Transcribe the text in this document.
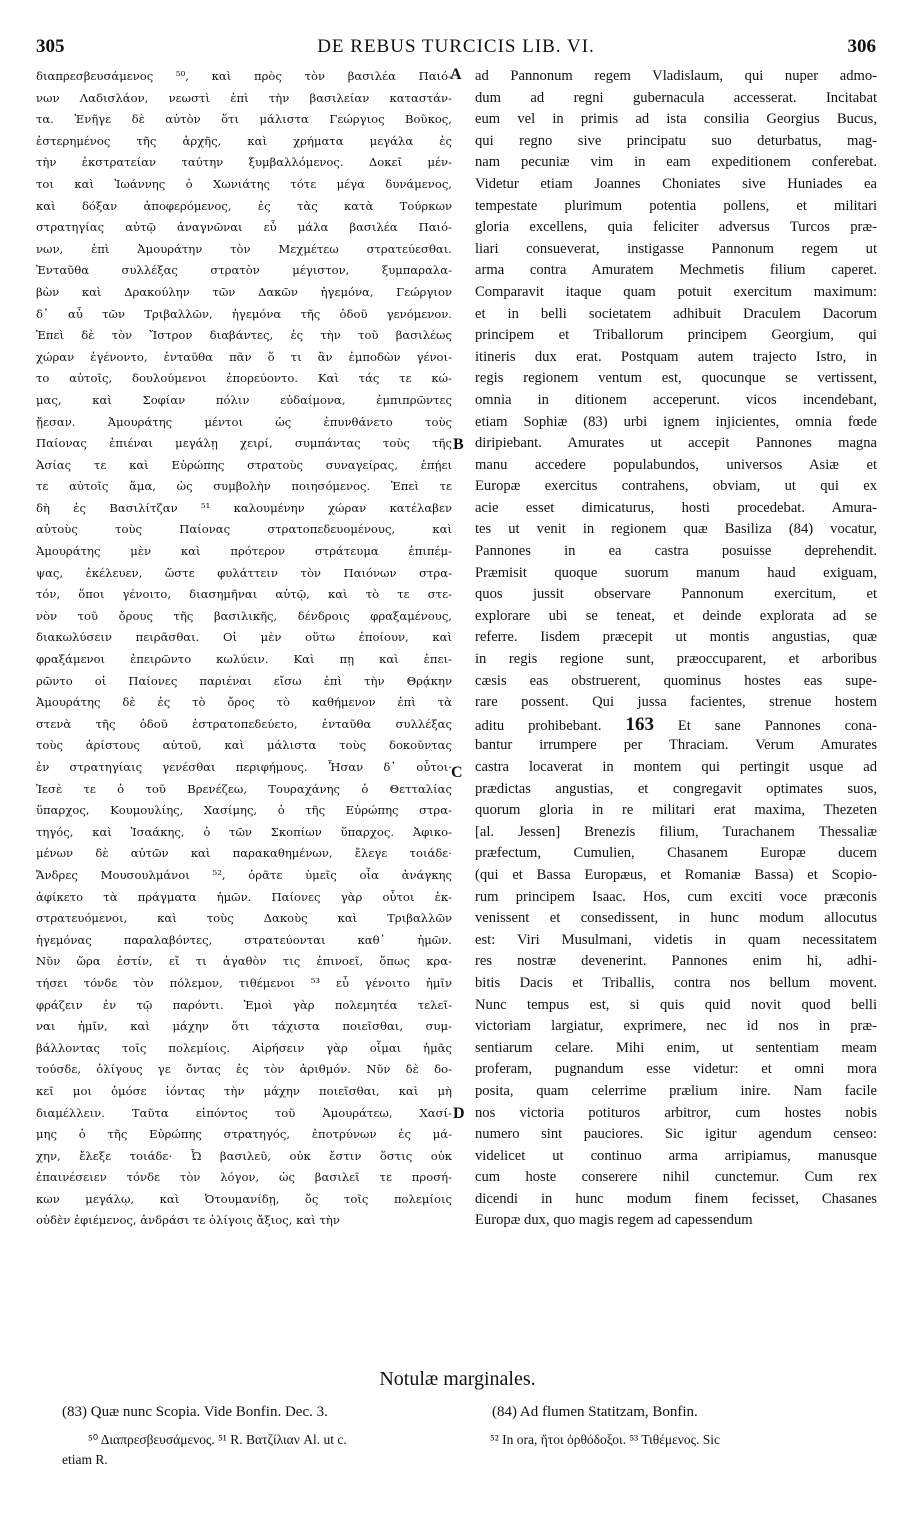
305	DE REBUS TURCICIS LIB. VI.	306
διαπρεσβευσάμενος ⁵⁰, καὶ πρὸς τὸν βασιλέα Παιό-
νων Λαδισλάον, νεωστὶ ἐπὶ τὴν βασιλείαν καταστάν-
τα. Ἐνῆγε δὲ αὐτὸν ὅτι μάλιστα Γεώργιος Βοῦκος,
ἐστερημένος τῆς ἀρχῆς, καὶ χρήματα μεγάλα ἐς
τὴν ἐκστρατείαν ταύτην ξυμβαλλόμενος. Δοκεῖ μέν-
τοι καὶ Ἰωάννης ὁ Χωνιάτης τότε μέγα δυνάμενος,
καὶ δόξαν ἀποφερόμενος, ἐς τὰς κατὰ Τούρκων
στρατηγίας αὐτῷ ἀναγνῶναι εὖ μάλα βασιλέα Παιό-
νων, ἐπὶ Ἀμουράτην τὸν Μεχμέτεω στρατεύεσθαι.
Ἐνταῦθα συλλέξας στρατὸν μέγιστον, ξυμπαραλα-
βὼν καὶ Δρακούλην τῶν Δακῶν ἡγεμόνα, Γεώργιον
δ᾽ αὖ τῶν Τριβαλλῶν, ἡγεμόνα τῆς ὁδοῦ γενόμενον.
Ἐπεὶ δὲ τὸν Ἴστρον διαβάντες, ἐς τὴν τοῦ βασιλέως
χώραν ἐγένοντο, ἐνταῦθα πᾶν ὅ τι ἂν ἐμποδὼν γένοι-
το αὐτοῖς, δουλούμενοι ἐπορεύοντο. Καὶ τάς τε κώ-
μας, καὶ Σοφίαν πόλιν εὐδαίμονα, ἐμπιπρῶντες
ᾔεσαν. Ἀμουράτης μέντοι ὡς ἐπυνθάνετο τοὺς
Παίονας ἐπιέναι μεγάλῃ χειρί, συμπάντας τοὺς τῆς
Ἀσίας τε καὶ Εὐρώπης στρατοὺς συναγείρας, ἐπῄει
τε αὐτοῖς ἅμα, ὡς συμβολὴν ποιησόμενος. Ἐπεὶ τε
δὴ ἐς Βασιλίτζαν ⁵¹ καλουμένην χώραν κατέλαβεν
αὐτοὺς τοὺς Παίονας στρατοπεδευομένους, καὶ
Ἀμουράτης μὲν καὶ πρότερον στράτευμα ἐπιπέμ-
ψας, ἐκέλευεν, ὥστε φυλάττειν τὸν Παιόνων στρα-
τόν, ὅποι γένοιτο, διασημῆναι αὐτῷ, καὶ τὸ τε στε-
νὸν τοῦ ὄρους τῆς βασιλικῆς, δένδροις φραξαμένους,
διακωλύσειν πειρᾶσθαι. Οἱ μὲν οὕτω ἐποίουν, καὶ
φραξάμενοι ἐπειρῶντο κωλύειν. Καὶ πῃ καὶ ἐπει-
ρῶντο οἱ Παίονες παριέναι εἴσω ἐπὶ τὴν Θρᾴκην
Ἀμουράτης δὲ ἐς τὸ ὄρος τὸ καθήμενον ἐπὶ τὰ
στενὰ τῆς ὁδοῦ ἐστρατοπεδεύετο, ἐνταῦθα συλλέξας
τοὺς ἀρίστους αὐτοῦ, καὶ μάλιστα τοὺς δοκοῦντας
ἐν στρατηγίαις γενέσθαι περιφήμους. Ἦσαν δ᾽ οὗτοι·
Ἰεσὲ τε ὁ τοῦ Βρενέζεω, Τουραχάνης ὁ Θετταλίας
ὕπαρχος, Κουμουλίης, Χασίμης, ὁ τῆς Εὐρώπης στρα-
τηγός, καὶ Ἰσαάκης, ὁ τῶν Σκοπίων ὕπαρχος. Ἀφικο-
μένων δὲ αὐτῶν καὶ παρακαθημένων, ἔλεγε τοιάδε·
Ἄνδρες Μουσουλμάνοι ⁵², ὁρᾶτε ὑμεῖς οἷα ἀνάγκης
ἀφίκετο τὰ πράγματα ἡμῶν. Παίονες γὰρ οὗτοι ἐκ-
στρατευόμενοι, καὶ τοὺς Δακοὺς καὶ Τριβαλλῶν
ἡγεμόνας παραλαβόντες, στρατεύονται καθ᾽ ἡμῶν.
Νῦν ὥρα ἐστίν, εἴ τι ἀγαθὸν τις ἐπινοεῖ, ὅπως κρα-
τήσει τόνδε τὸν πόλεμον, τιθέμενοι ⁵³ εὖ γένοιτο ἡμῖν
φράζειν ἐν τῷ παρόντι. Ἐμοὶ γὰρ πολεμητέα τελεῖ-
ναι ἡμῖν, καὶ μάχην ὅτι τάχιστα ποιεῖσθαι, συμ-
βάλλοντας τοῖς πολεμίοις. Αἱρήσειν γὰρ οἶμαι ἡμᾶς
τούσδε, ὀλίγους γε ὄντας ἐς τὸν ἀριθμόν. Νῦν δὲ δο-
κεῖ μοι ὁμόσε ἰόντας τὴν μάχην ποιεῖσθαι, καὶ μὴ
διαμέλλειν. Ταῦτα εἰπόντος τοῦ Ἀμουράτεω, Χασί-
μης ὁ τῆς Εὐρώπης στρατηγός, ἐποτρύνων ἐς μά-
χην, ἔλεξε τοιάδε· Ὦ βασιλεῦ, οὐκ ἔστιν ὅστις οὐκ
ἐπαινέσειεν τόνδε τὸν λόγον, ὡς βασιλεῖ τε προσή-
κων μεγάλῳ, καὶ Ὀτουμανίδῃ, ὅς τοῖς πολεμίοις
οὐδὲν ἐφιέμενος, ἀνδράσι τε ὀλίγοις ἄξιος, καὶ τὴν
ad Pannonum regem Vladislaum, qui nuper admo-
dum ad regni gubernacula accesserat. Incitabat
eum vel in primis ad ista consilia Georgius Bucus,
qui regno sive principatu suo deturbatus, mag-
nam pecuniæ vim in eam expeditionem conferebat.
Videtur etiam Joannes Choniates sive Huniades ea
tempestate plurimum potentia pollens, et militari
gloria excellens, quia feliciter adversus Turcos præ-
liari consueverat, instigasse Pannonum regem ut
arma contra Amuratem Mechmetis filium caperet.
Comparavit itaque quam potuit exercitum maximum:
et in belli societatem adhibuit Draculem Dacorum
principem et Triballorum principem Georgium, qui
itineris dux erat. Postquam autem trajecto Istro, in
regis regionem ventum est, quocunque se vertissent,
omnia in ditionem acceperunt. vicos incendebant,
etiam Sophiæ (83) urbi ignem injicientes, omnia fœde
diripiebant. Amurates ut accepit Pannones magna
manu accedere populabundos, universos Asiæ et
Europæ exercitus contrahens, obviam, ut qui ex
acie esset dimicaturus, hosti procedebat. Amura-
tes ut venit in regionem quæ Basiliza (84) vocatur,
Pannones in ea castra posuisse deprehendit.
Præmisit quoque suorum manum haud exiguam,
quos jussit observare Pannonum exercitum, et
explorare ubi se teneat, et deinde explorata ad se
referre. Iisdem præcepit ut montis angustias, quæ
in regis regione sunt, præoccuparent, et arboribus
cæsis eas obstruerent, quominus hostes eas supe-
rare possent. Qui jussa facientes, strenue hostem
aditu prohibebant. 163 Et sane Pannones cona-
bantur irrumpere per Thraciam. Verum Amurates
castra locaverat in montem qui pertingit usque ad
prædictas angustias, et congregavit optimates suos,
quorum gloria in re militari erat maxima, Thezeten
[al. Jessen] Brenezis filium, Turachanem Thessaliæ
præfectum, Cumulien, Chasanem Europæ ducem
(qui et Bassa Europæus, et Romaniæ Bassa) et Scopio-
rum principem Isaac. Hos, cum exciti voce præconis
venissent et consedissent, in hunc modum allocutus
est: Viri Musulmani, videtis in quam necessitatem
res nostræ devenerint. Pannones enim hi, adhi-
bitis Dacis et Triballis, contra nos bellum movent.
Nunc tempus est, si quis quid novit quod belli
victoriam largiatur, exprimere, nec id nos in præ-
sentiarum celare. Mihi enim, ut sententiam meam
proferam, pugnandum esse videtur: et omni mora
posita, quam celerrime prælium inire. Nam facile
nos victoria potituros arbitror, cum hostes nobis
numero sint pauciores. Sic igitur agendum censeo:
videlicet ut continuo arma arripiamus, manusque
cum hoste conserere nihil cunctemur. Cum rex
dicendi in hunc modum finem fecisset, Chasanes
Europæ dux, quo magis regem ad capessendum
A
B
C
D
Notulæ marginales.
(83) Quæ nunc Scopia. Vide Bonfin. Dec. 3.	(84) Ad flumen Statitzam, Bonfin.
⁵⁰ Διαπρεσβευσάμενος. ⁵¹ R. Βατζίλιαν Al. ut c.	⁵² In ora, ἤτοι ὀρθόδοξοι. ⁵³ Τιθέμενος. Sic
etiam R.
